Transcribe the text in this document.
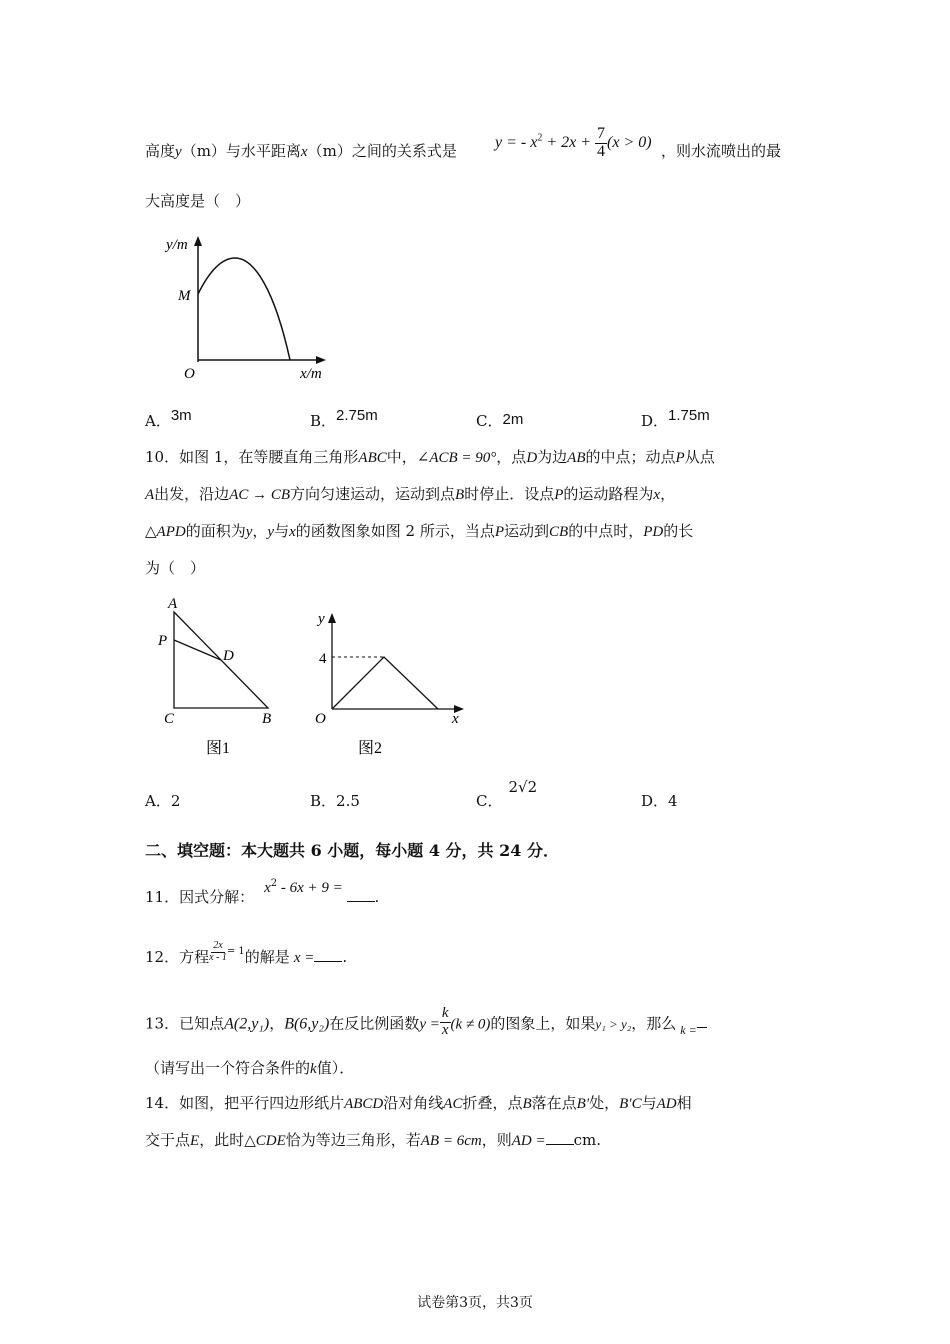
高度y（m）与水平距离x（m）之间的关系式是 y = - $x^2 + 2x + \frac{7}{4} (x > 0)$ ，则水流喷出的最
大高度是（　）
y/m
M
O	x/m
A．3m	B．2.75m	C．2m	D．1.75m
10．如图 1，在等腰直角三角形ABC中，∠ACB = 90°，点D为边AB的中点；动点P从点
A出发，沿边AC → CB方向匀速运动，运动到点B时停止．设点P的运动路程为x，
△APD的面积为y，y与x的函数图象如图 2 所示，当点P运动到CB的中点时，PD的长
为（　）
A
P
D
C	B
图1
y
4
O	x
图2
A．2	B．2.5	C．2√2
D．4
二、填空题：本大题共 6 小题，每小题 4 分，共 24 分．
11．因式分解： $x^2 - 6x + 9$ = .
12．方程 $\frac{2x}{x - 1} ^{= 1}$的解是 x = .
13．已知点A(2,y₁)，B(6,y₂)在反比例函数$y = \frac{k}{x} (k \ne 0)$的图象上，如果y₁ > y₂，那么 $_{k =}$
（请写出一个符合条件的k值）．
14．如图，把平行四边形纸片ABCD沿对角线AC折叠，点B落在点B′处，B′C与AD相
交于点E，此时△CDE恰为等边三角形，若AB = 6cm，则AD = cm.
试卷第3页，共3页
